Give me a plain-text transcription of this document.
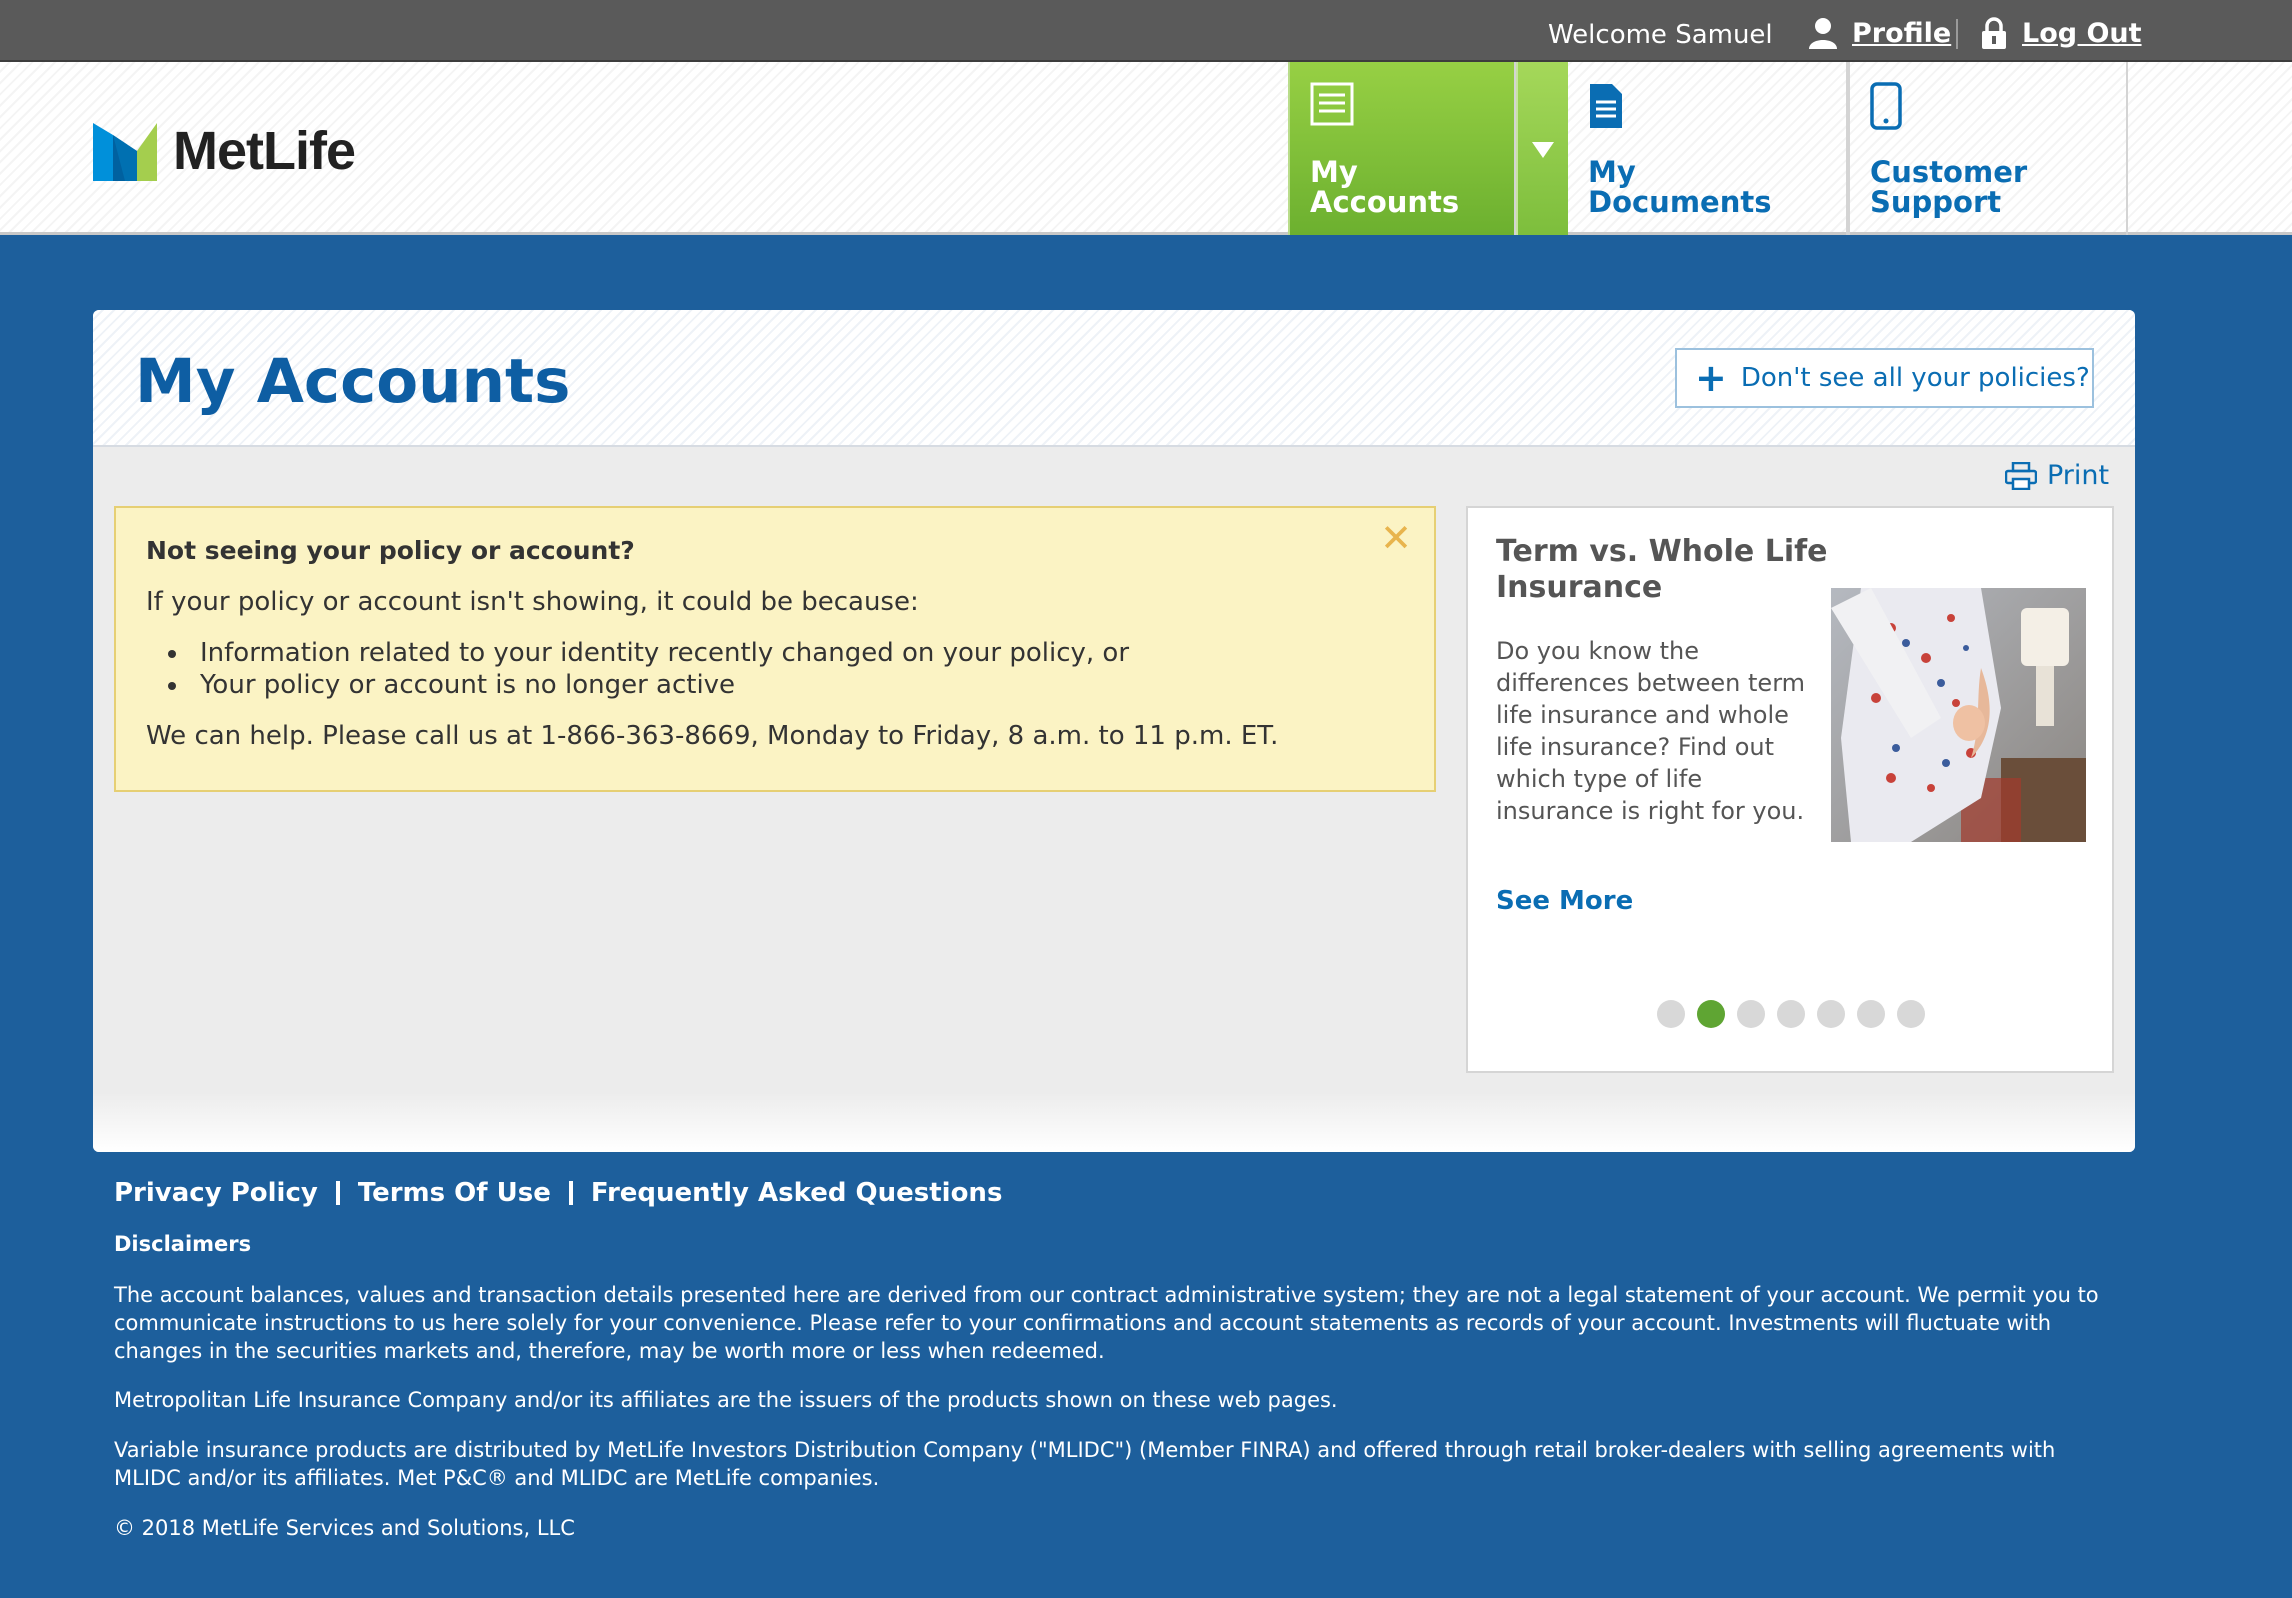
Welcome Samuel	Profile	Log Out
MetLife	My Accounts
My Documents
Customer Support
My Accounts	+ Don't see all your policies?
Print
✕
Not seeing your policy or account?
If your policy or account isn't showing, it could be because:
Information related to your identity recently changed on your policy, or
Your policy or account is no longer active
We can help. Please call us at 1-866-363-8669, Monday to Friday, 8 a.m. to 11 p.m. ET.
Term vs. Whole Life Insurance
Do you know the differences between term life insurance and whole life insurance? Find out which type of life insurance is right for you.
See More
Privacy Policy Terms Of Use Frequently Asked Questions
Disclaimers
The account balances, values and transaction details presented here are derived from our contract administrative system; they are not a legal statement of your account. We permit you to communicate instructions to us here solely for your convenience. Please refer to your confirmations and account statements as records of your account. Investments will fluctuate with changes in the securities markets and, therefore, may be worth more or less when redeemed.
Metropolitan Life Insurance Company and/or its affiliates are the issuers of the products shown on these web pages.
Variable insurance products are distributed by MetLife Investors Distribution Company ("MLIDC") (Member FINRA) and offered through retail broker-dealers with selling agreements with MLIDC and/or its affiliates. Met P&C® and MLIDC are MetLife companies.
© 2018 MetLife Services and Solutions, LLC
